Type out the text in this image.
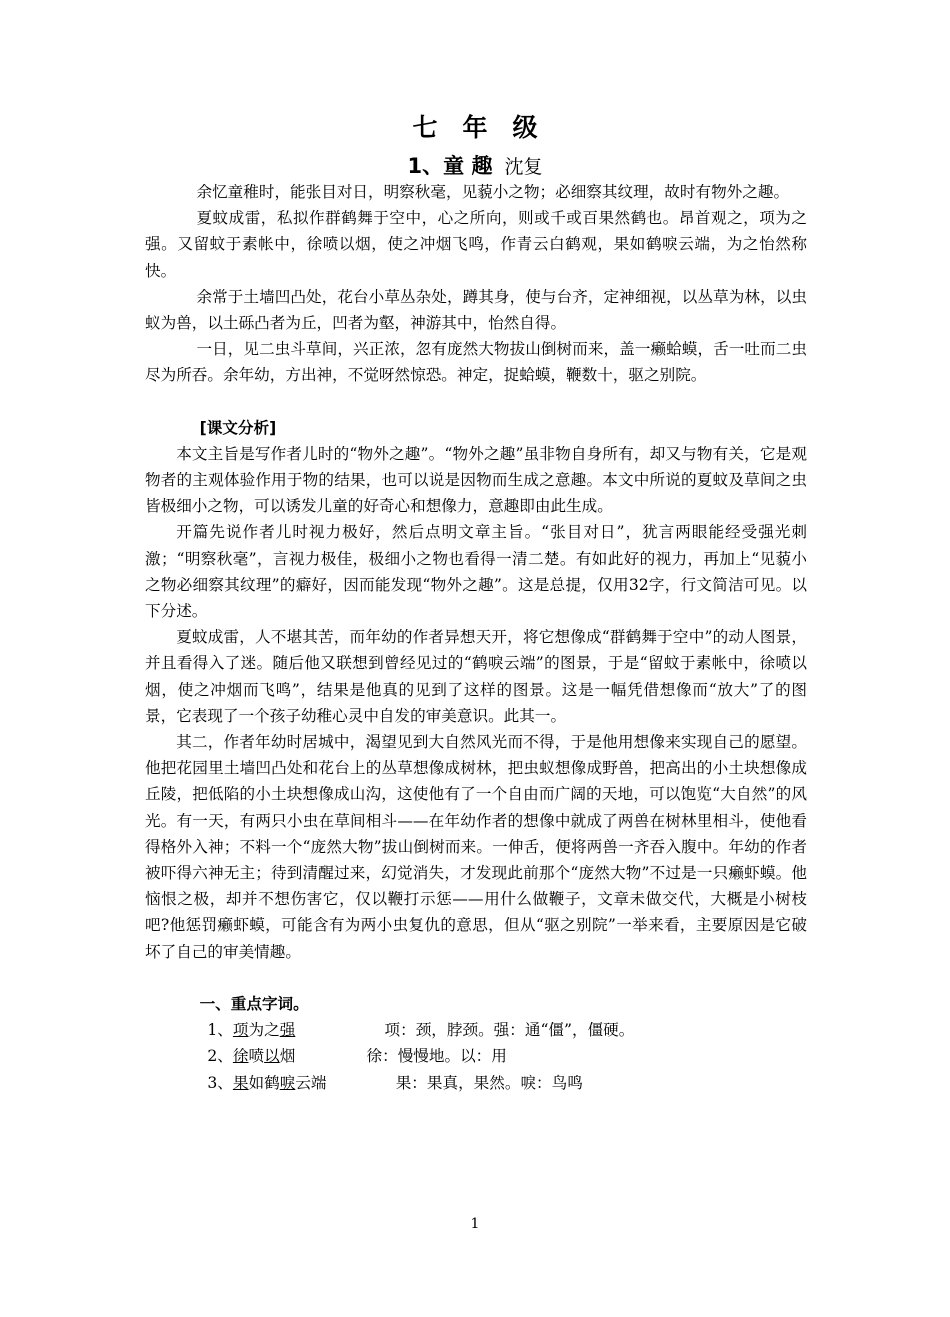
七　年　级
1、童 趣 沈复

余忆童稚时，能张目对日，明察秋毫，见藐小之物；必细察其纹理，故时有物外之趣。

夏蚊成雷，私拟作群鹤舞于空中，心之所向，则或千或百果然鹤也。昂首观之，项为之强。又留蚊于素帐中，徐喷以烟，使之冲烟飞鸣，作青云白鹤观，果如鹤唳云端，为之怡然称快。

余常于土墙凹凸处，花台小草丛杂处，蹲其身，使与台齐，定神细视，以丛草为林，以虫蚁为兽，以土砾凸者为丘，凹者为壑，神游其中，怡然自得。

一日，见二虫斗草间，兴正浓，忽有庞然大物拔山倒树而来，盖一癞蛤蟆，舌一吐而二虫尽为所吞。余年幼，方出神，不觉呀然惊恐。神定，捉蛤蟆，鞭数十，驱之别院。

[课文分析]

本文主旨是写作者儿时的“物外之趣”。“物外之趣”虽非物自身所有，却又与物有关，它是观物者的主观体验作用于物的结果，也可以说是因物而生成之意趣。本文中所说的夏蚊及草间之虫皆极细小之物，可以诱发儿童的好奇心和想像力，意趣即由此生成。

开篇先说作者儿时视力极好，然后点明文章主旨。“张目对日”，犹言两眼能经受强光刺激；“明察秋毫”，言视力极佳，极细小之物也看得一清二楚。有如此好的视力，再加上“见藐小之物必细察其纹理”的癖好，因而能发现“物外之趣”。这是总提，仅用32字，行文简洁可见。以下分述。

夏蚊成雷，人不堪其苦，而年幼的作者异想天开，将它想像成“群鹤舞于空中”的动人图景，并且看得入了迷。随后他又联想到曾经见过的“鹤唳云端”的图景，于是“留蚊于素帐中，徐喷以烟，使之冲烟而飞鸣”，结果是他真的见到了这样的图景。这是一幅凭借想像而“放大”了的图景，它表现了一个孩子幼稚心灵中自发的审美意识。此其一。

其二，作者年幼时居城中，渴望见到大自然风光而不得，于是他用想像来实现自己的愿望。他把花园里土墙凹凸处和花台上的丛草想像成树林，把虫蚁想像成野兽，把高出的小土块想像成丘陵，把低陷的小土块想像成山沟，这使他有了一个自由而广阔的天地，可以饱览“大自然”的风光。有一天，有两只小虫在草间相斗——在年幼作者的想像中就成了两兽在树林里相斗，使他看得格外入神；不料一个“庞然大物”拔山倒树而来。一伸舌，便将两兽一齐吞入腹中。年幼的作者被吓得六神无主；待到清醒过来，幻觉消失，才发现此前那个“庞然大物”不过是一只癞虾蟆。他恼恨之极，却并不想伤害它，仅以鞭打示惩——用什么做鞭子，文章未做交代，大概是小树枝吧?他惩罚癞虾蟆，可能含有为两小虫复仇的意思，但从“驱之别院”一举来看，主要原因是它破坏了自己的审美情趣。

一、重点字词。

1、项为之强	项：颈，脖颈。强：通“僵”，僵硬。

2、徐喷以烟	徐：慢慢地。以：用

3、果如鹤唳云端	果：果真，果然。唳：鸟鸣

1
